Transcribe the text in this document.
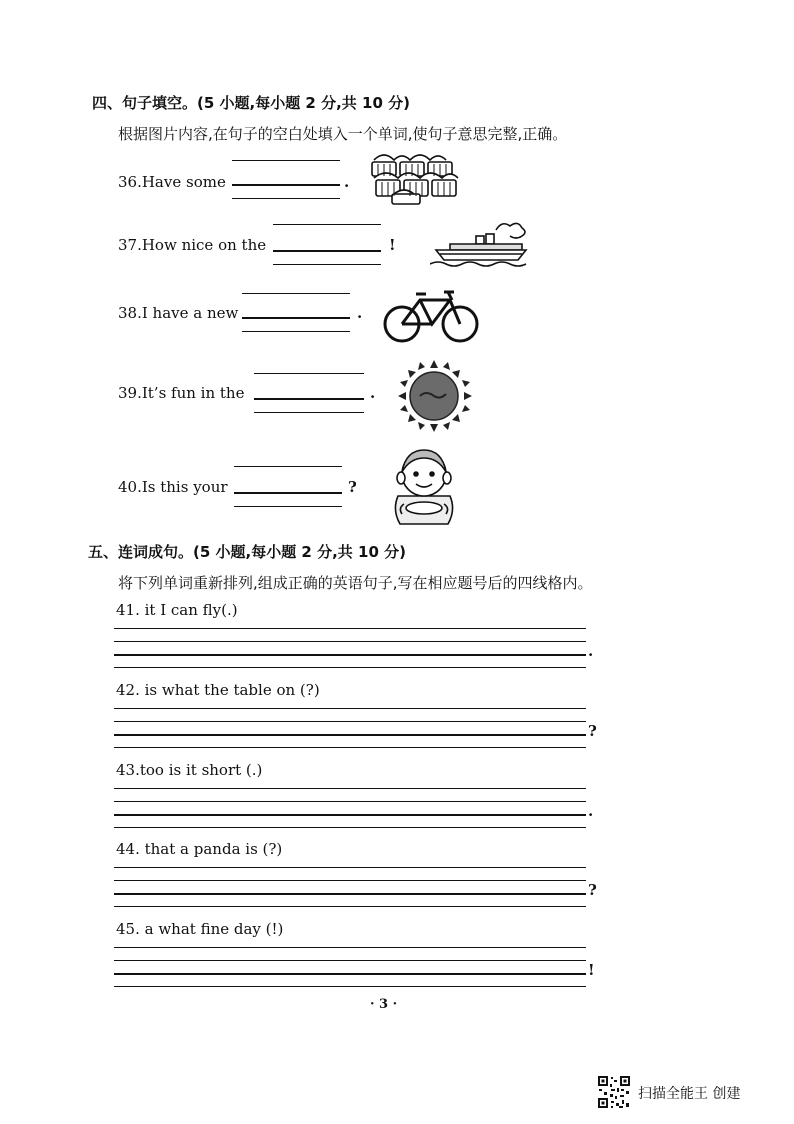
四、句子填空。(5 小题,每小题 2 分,共 10 分)
根据图片内容,在句子的空白处填入一个单词,使句子意思完整,正确。
36.Have some	.
37.How nice on the	!
38.I have a new	.
39.It’s fun in the	.
40.Is this your	?
五、连词成句。(5 小题,每小题 2 分,共 10 分)
将下列单词重新排列,组成正确的英语句子,写在相应题号后的四线格内。
41. it I can fly(.)
.
42. is what the table on (?)
?
43.too is it short (.)
.
44. that a panda is (?)
?
45. a what fine day (!)
!
· 3 ·
扫描全能王 创建
